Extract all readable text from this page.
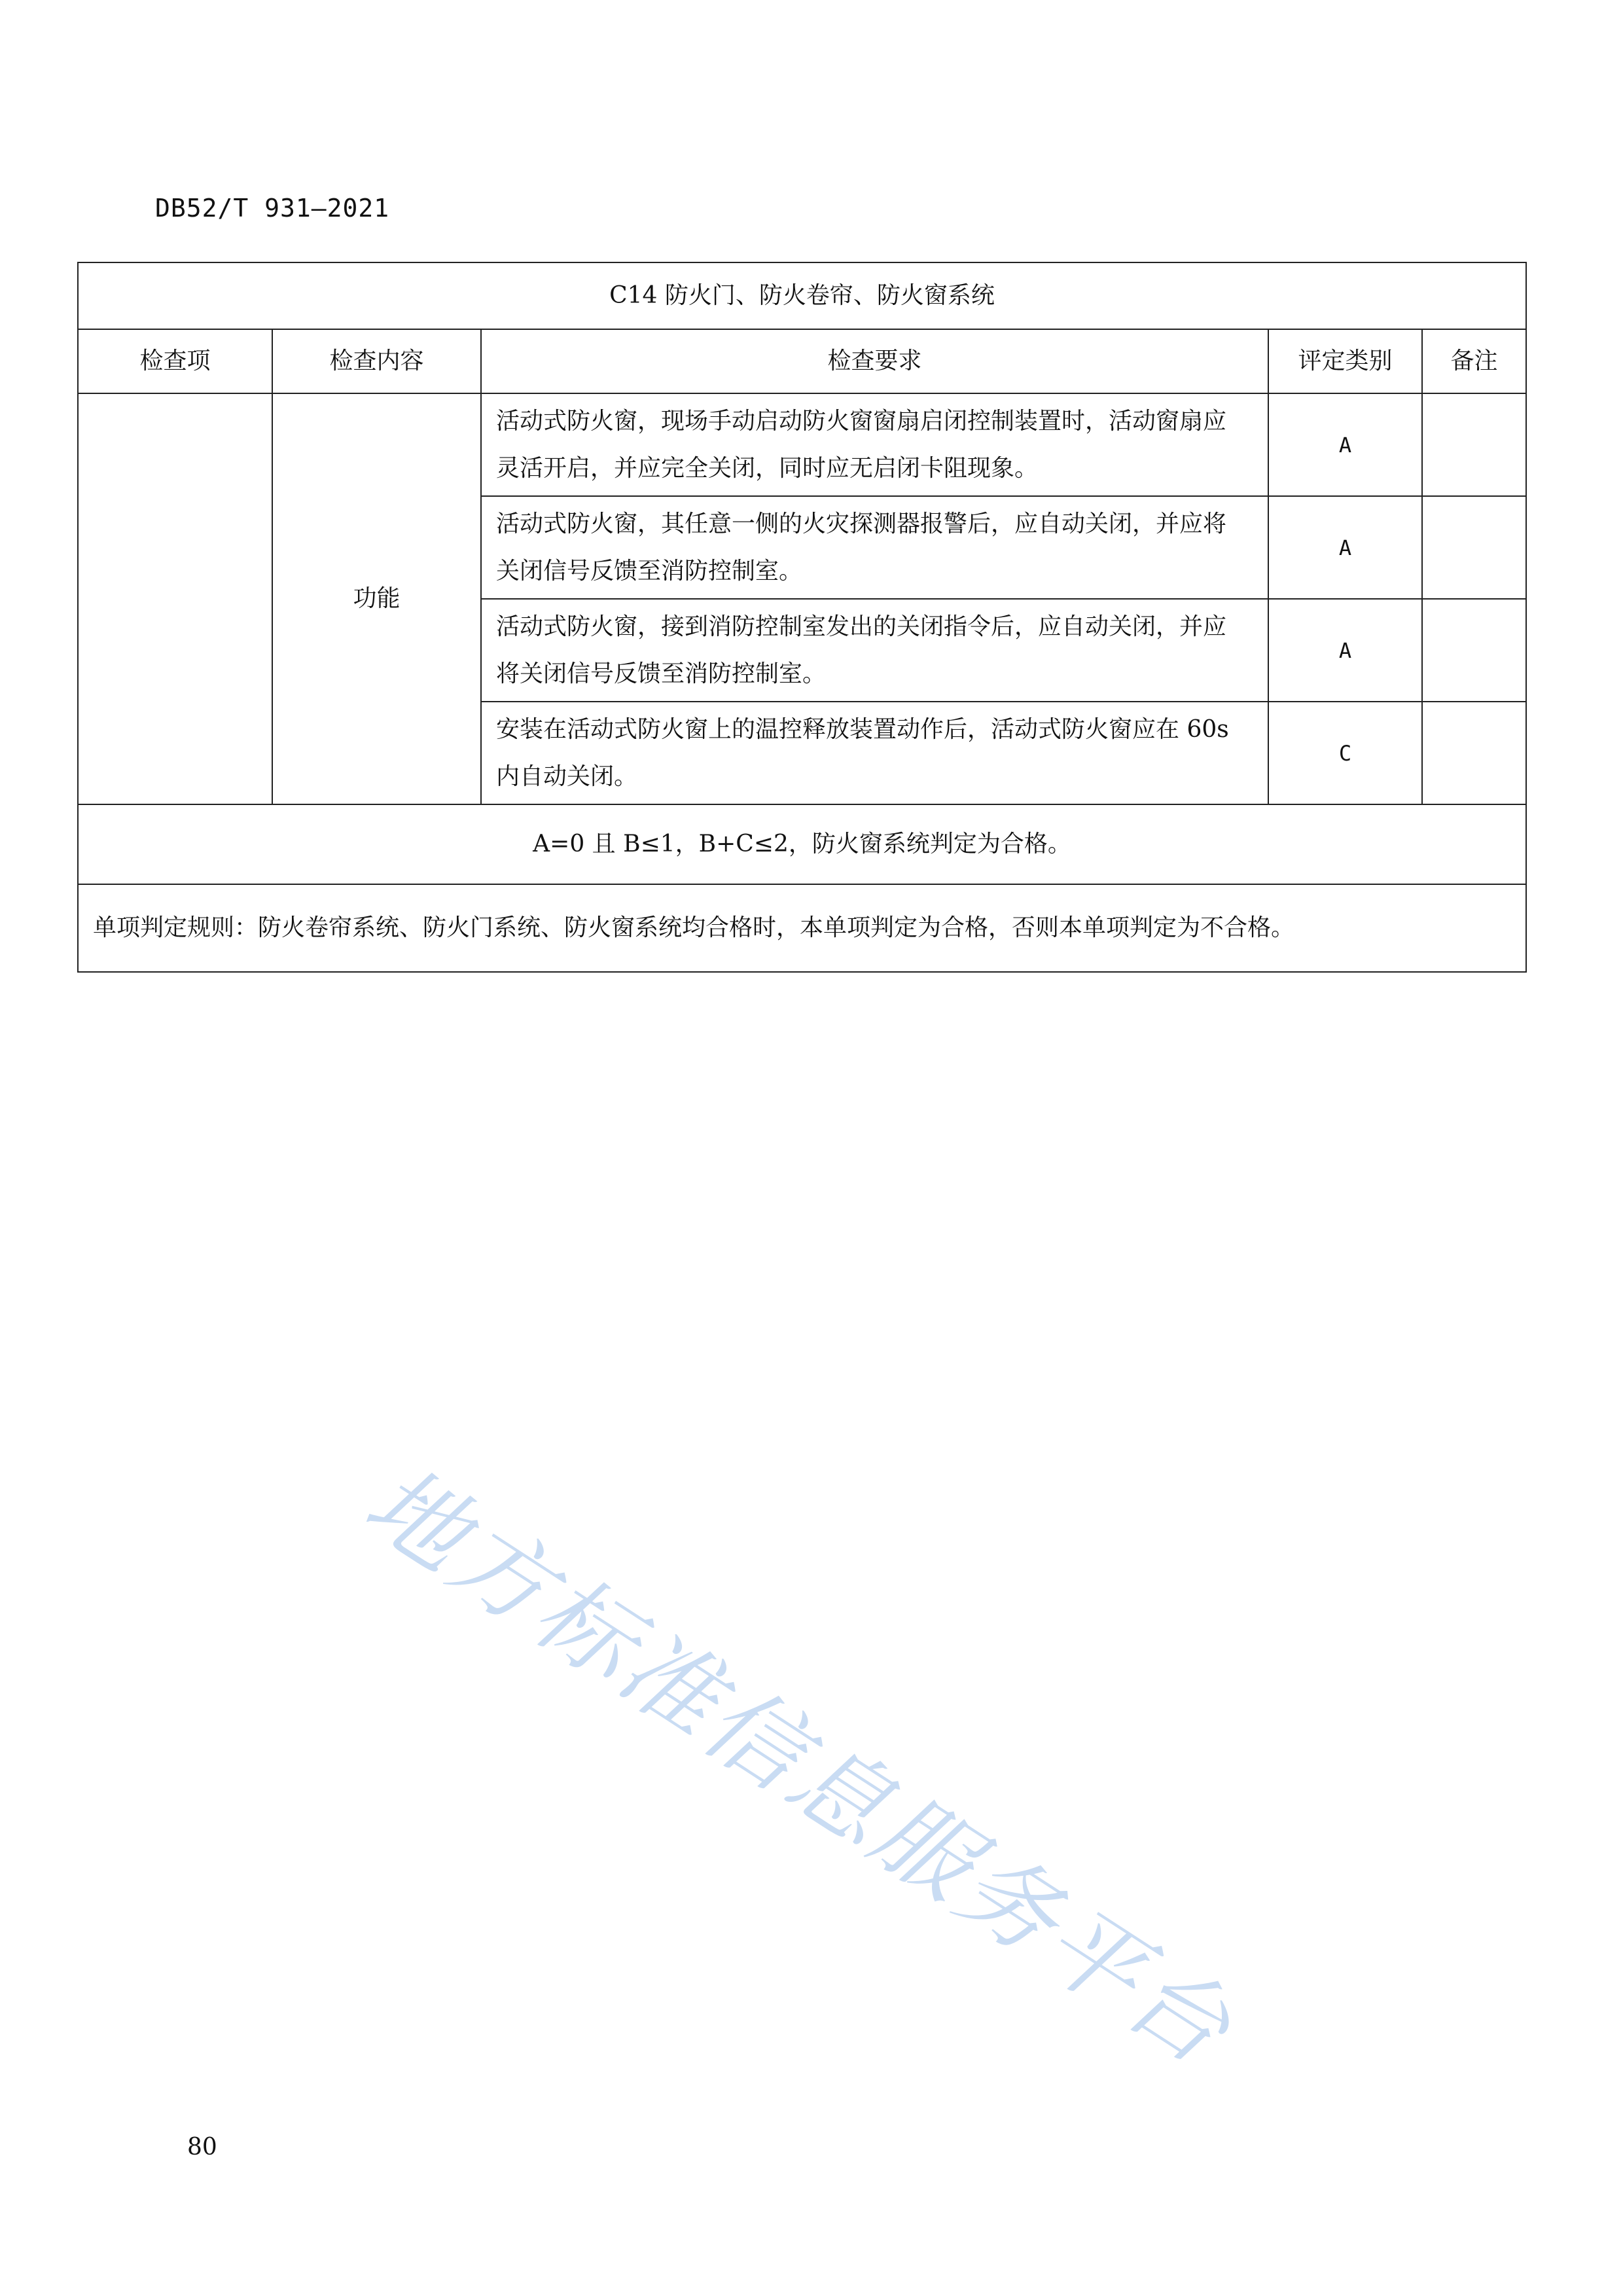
DB52/T 931—2021
C14 防火门、防火卷帘、防火窗系统				
检查项	检查内容	检查要求	评定类别	备注
	功能	活动式防火窗，现场手动启动防火窗窗扇启闭控制装置时，活动窗扇应
灵活开启，并应完全关闭，同时应无启闭卡阻现象。	A	

		活动式防火窗，其任意一侧的火灾探测器报警后，应自动关闭，并应将
关闭信号反馈至消防控制室。	A	

		活动式防火窗，接到消防控制室发出的关闭指令后，应自动关闭，并应
将关闭信号反馈至消防控制室。	A	

		安装在活动式防火窗上的温控释放装置动作后，活动式防火窗应在 60s
内自动关闭。	C	
A=0 且 B≤1，B+C≤2，防火窗系统判定为合格。				
单项判定规则：防火卷帘系统、防火门系统、防火窗系统均合格时，本单项判定为合格，否则本单项判定为不合格。				
地方标准信息服务平台
80
